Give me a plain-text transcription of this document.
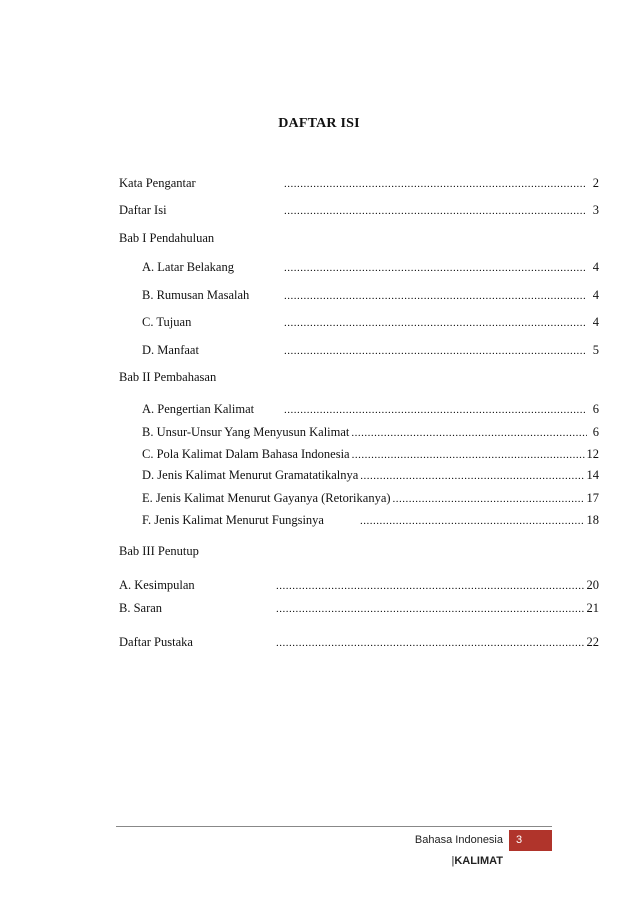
DAFTAR ISI
Kata Pengantar .....	2
Daftar Isi .....	3
Bab I Pendahuluan
A. Latar Belakang .....	4
B. Rumusan Masalah .....	4
C. Tujuan .....	4
D. Manfaat .....	5
Bab II Pembahasan
A. Pengertian Kalimat .....	6
B. Unsur-Unsur Yang Menyusun Kalimat .....	6
C. Pola Kalimat Dalam Bahasa Indonesia .....	12
D. Jenis Kalimat Menurut Gramatatikalnya .....	14
E. Jenis Kalimat Menurut Gayanya (Retorikanya) .....	17
F. Jenis Kalimat Menurut Fungsinya .....	18
Bab III Penutup
A. Kesimpulan .....	20
B. Saran .....	21
Daftar Pustaka .....	22
Bahasa Indonesia |KALIMAT
3
